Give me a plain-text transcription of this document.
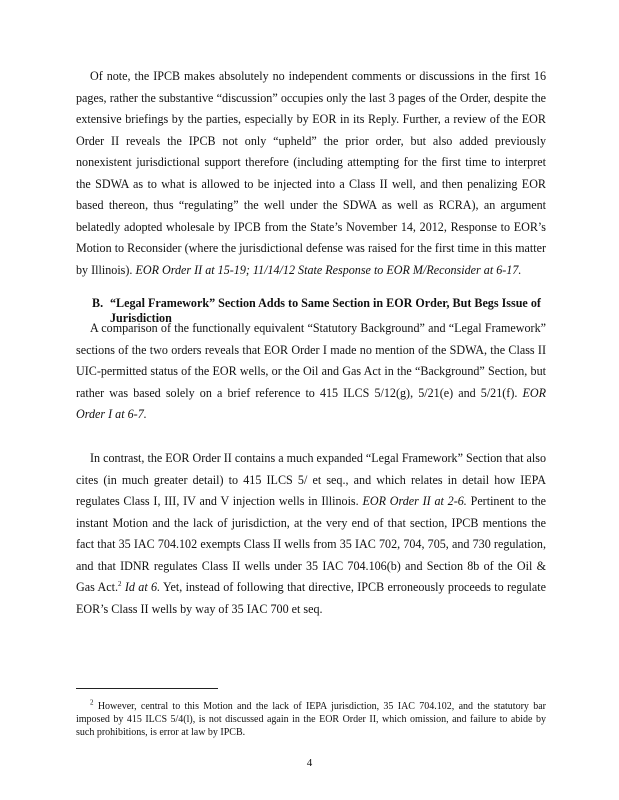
Of note, the IPCB makes absolutely no independent comments or discussions in the first 16 pages, rather the substantive “discussion” occupies only the last 3 pages of the Order, despite the extensive briefings by the parties, especially by EOR in its Reply. Further, a review of the EOR Order II reveals the IPCB not only “upheld” the prior order, but also added previously nonexistent jurisdictional support therefore (including attempting for the first time to interpret the SDWA as to what is allowed to be injected into a Class II well, and then penalizing EOR based thereon, thus “regulating” the well under the SDWA as well as RCRA), an argument belatedly adopted wholesale by IPCB from the State’s November 14, 2012, Response to EOR’s Motion to Reconsider (where the jurisdictional defense was raised for the first time in this matter by Illinois). EOR Order II at 15-19; 11/14/12 State Response to EOR M/Reconsider at 6-17.

B. “Legal Framework” Section Adds to Same Section in EOR Order, But Begs Issue of
Jurisdiction

A comparison of the functionally equivalent “Statutory Background” and “Legal Framework” sections of the two orders reveals that EOR Order I made no mention of the SDWA, the Class II UIC-permitted status of the EOR wells, or the Oil and Gas Act in the “Background” Section, but rather was based solely on a brief reference to 415 ILCS 5/12(g), 5/21(e) and 5/21(f). EOR Order I at 6-7.

In contrast, the EOR Order II contains a much expanded “Legal Framework” Section that also cites (in much greater detail) to 415 ILCS 5/ et seq., and which relates in detail how IEPA regulates Class I, III, IV and V injection wells in Illinois. EOR Order II at 2-6. Pertinent to the instant Motion and the lack of jurisdiction, at the very end of that section, IPCB mentions the fact that 35 IAC 704.102 exempts Class II wells from 35 IAC 702, 704, 705, and 730 regulation, and that IDNR regulates Class II wells under 35 IAC 704.106(b) and Section 8b of the Oil & Gas Act.$^2$ Id at 6. Yet, instead of following that directive, IPCB erroneously proceeds to regulate EOR’s Class II wells by way of 35 IAC 700 et seq.

$^2$ However, central to this Motion and the lack of IEPA jurisdiction, 35 IAC 704.102, and the statutory bar imposed by 415 ILCS 5/4(l), is not discussed again in the EOR Order II, which omission, and failure to abide by such prohibitions, is error at law by IPCB.

4
